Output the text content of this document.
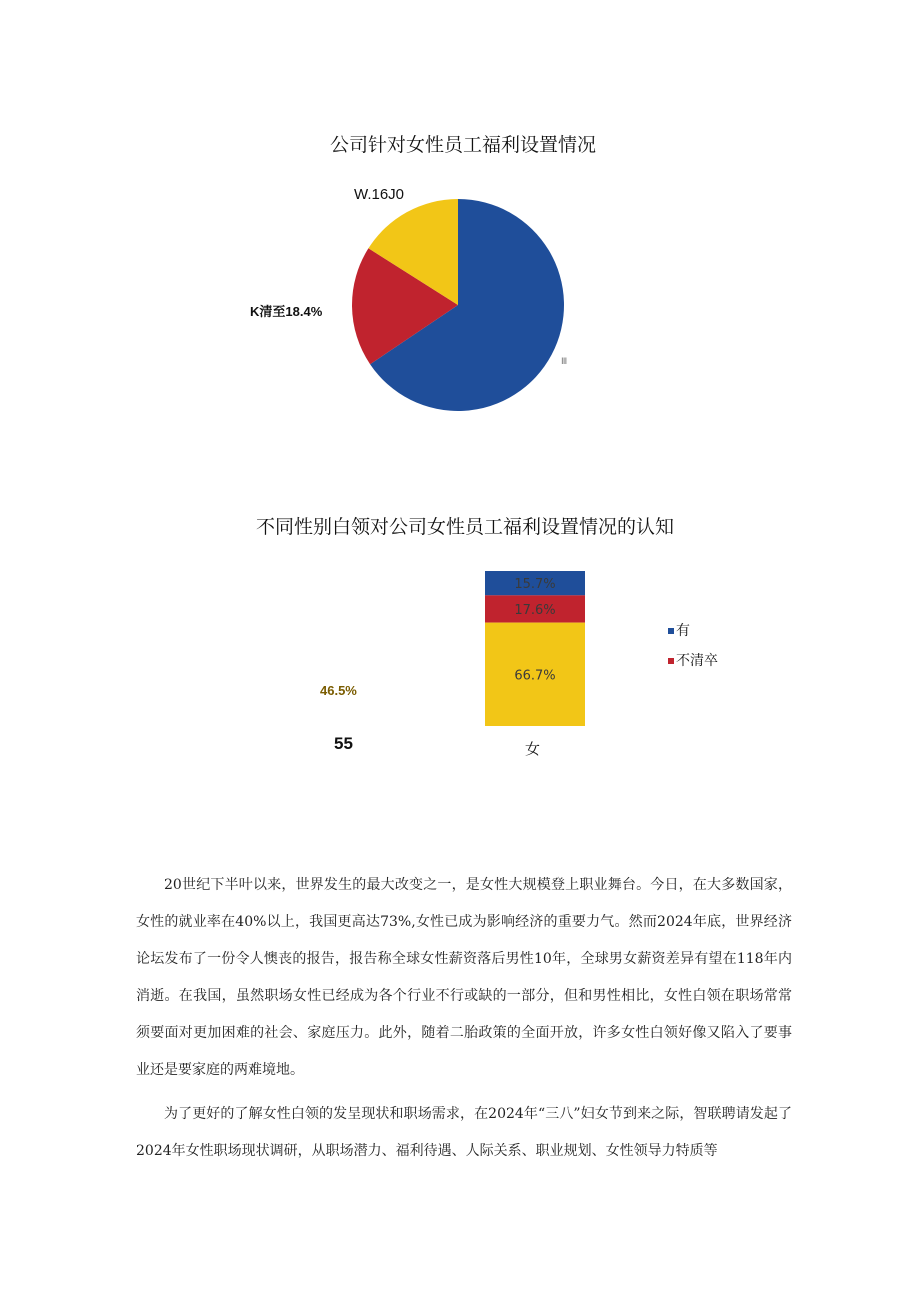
公司针对女性员工福利设置情况
W.16J0
K清至18.4%
Ⅲ
不同性别白领对公司女性员工福利设置情况的认知
15.7%
17.6%
66.7%
46.5%
55	女
有
不清卒

20世纪下半叶以来，世界发生的最大改变之一，是女性大规模登上职业舞台。今日，在大多数国家，女性的就业率在40%以上，我国更高达73%,女性已成为影响经济的重要力气。然而2024年底，世界经济论坛发布了一份令人懊丧的报告，报告称全球女性薪资落后男性10年，全球男女薪资差异有望在118年内消逝。在我国，虽然职场女性已经成为各个行业不行或缺的一部分，但和男性相比，女性白领在职场常常须要面对更加困难的社会、家庭压力。此外，随着二胎政策的全面开放，许多女性白领好像又陷入了要事业还是要家庭的两难境地。

为了更好的了解女性白领的发呈现状和职场需求，在2024年“三八”妇女节到来之际，智联聘请发起了2024年女性职场现状调研，从职场潜力、福利待遇、人际关系、职业规划、女性领导力特质等
